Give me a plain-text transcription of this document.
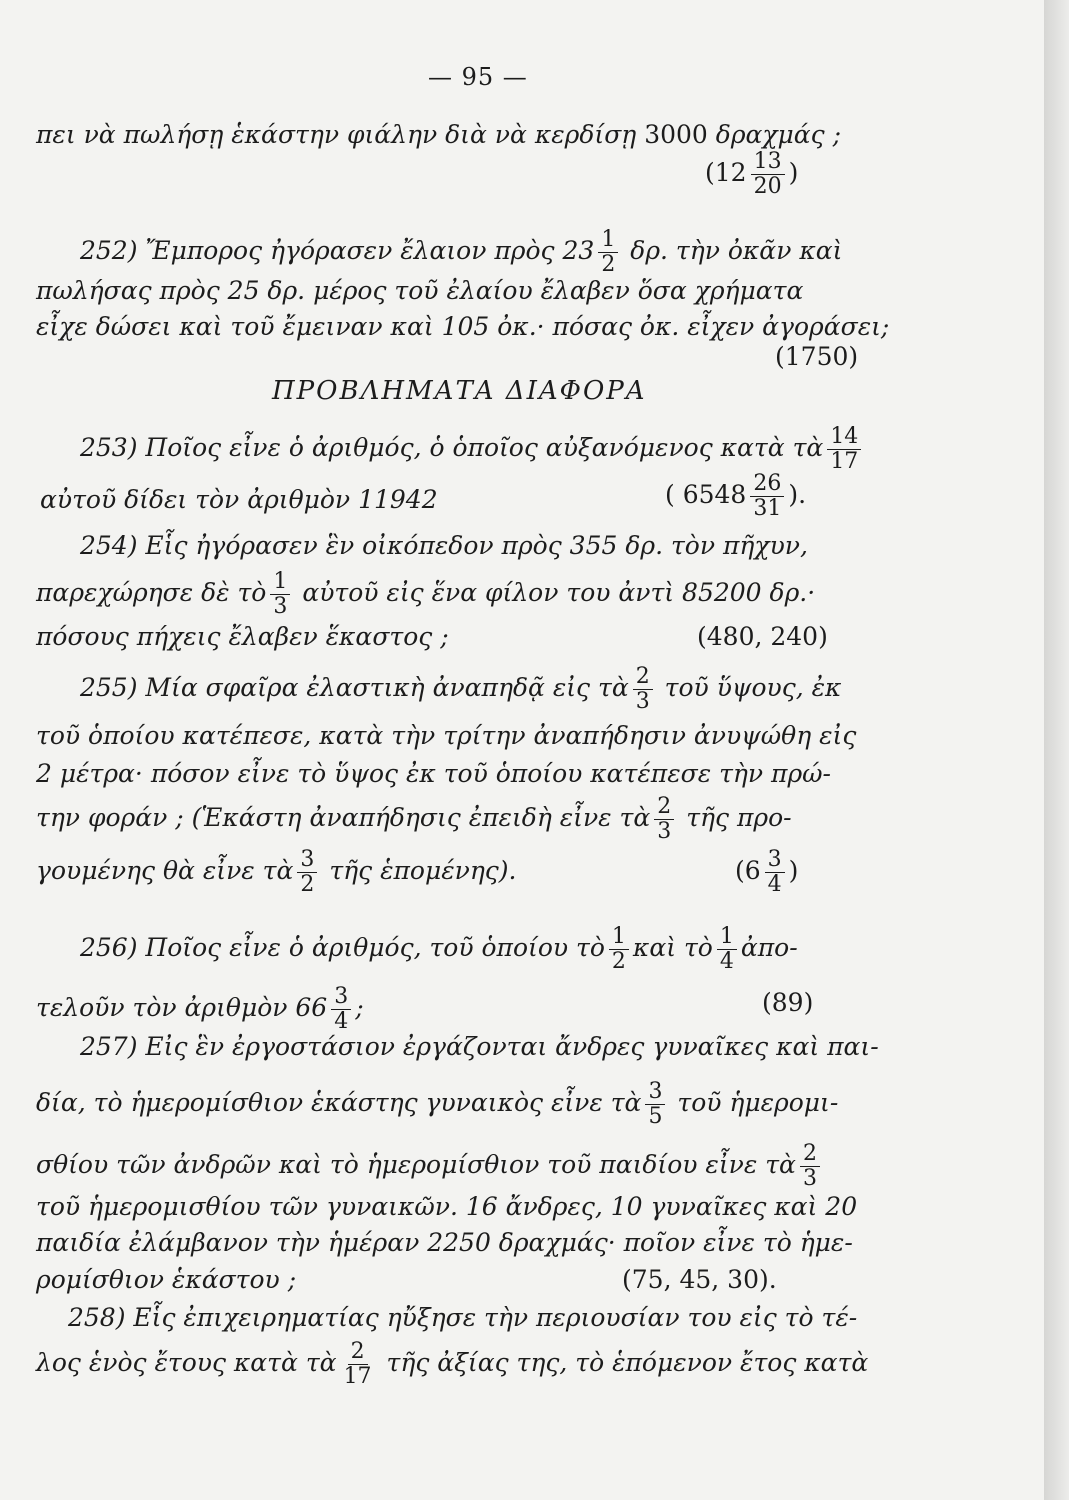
— 95 —
πει νὰ πωλήσῃ ἑκάστην φιάλην διὰ νὰ κερδίσῃ 3000 δραχμάς ;
($12 \frac{13}{20}$ )
252) Ἔμπορος ἠγόρασεν ἔλαιον πρὸς $23 \frac{1}{2} \delta\rho$. τὴν ὀκᾶν καὶ
πωλήσας πρὸς 25 δρ. μέρος τοῦ ἐλαίου ἔλαβεν ὅσα χρήματα
εἶχε δώσει καὶ τοῦ ἔμειναν καὶ 105 ὀκ.· πόσας ὀκ. εἶχεν ἀγοράσει;
(1750)
ΠΡΟΒΛΗΜΑΤΑ ΔΙΑΦΟΡΑ
253) Ποῖος εἶνε ὁ ἀριθμός, ὁ ὁποῖος αὐξανόμενος κατὰ τὰ $\frac{14}{17}$
αὐτοῦ δίδει τὸν ἀριθμὸν 11942	( $6548 \frac{26}{31}$ ).
254) Εἷς ἠγόρασεν ἓν οἰκόπεδον πρὸς 355 δρ. τὸν πῆχυν,
παρεχώρησε δὲ τὸ $\frac{1}{3}$ αὐτοῦ εἰς ἕνα φίλον του ἀντὶ 85200 δρ.·
πόσους πήχεις ἔλαβεν ἕκαστος ;	(480, 240)
255) Μία σφαῖρα ἐλαστικὴ ἀναπηδᾷ εἰς τὰ $\frac{2}{3}$ τοῦ ὕψους, ἐκ
τοῦ ὁποίου κατέπεσε, κατὰ τὴν τρίτην ἀναπήδησιν ἀνυψώθη εἰς
2 μέτρα· πόσον εἶνε τὸ ὕψος ἐκ τοῦ ὁποίου κατέπεσε τὴν πρώ-
την φοράν ; (Ἑκάστη ἀναπήδησις ἐπειδὴ εἶνε τὰ $\frac{2}{3}$ τῆς προ-
γουμένης θὰ εἶνε τὰ $\frac{3}{2}$ τῆς ἑπομένης).	($6 \frac{3}{4}$ )
256) Ποῖος εἶνε ὁ ἀριθμός, τοῦ ὁποίου τὸ $\frac{1}{2}$ καὶ τὸ $\frac{1}{4}$ ἀπο-
τελοῦν τὸν ἀριθμὸν $66 \frac{3}{4}$ ;	(89)
257) Εἰς ἓν ἐργοστάσιον ἐργάζονται ἄνδρες γυναῖκες καὶ παι-
δία, τὸ ἡμερομίσθιον ἑκάστης γυναικὸς εἶνε τὰ $\frac{3}{5}$ τοῦ ἡμερομι-
σθίου τῶν ἀνδρῶν καὶ τὸ ἡμερομίσθιον τοῦ παιδίου εἶνε τὰ $\frac{2}{3}$
τοῦ ἡμερομισθίου τῶν γυναικῶν. 16 ἄνδρες, 10 γυναῖκες καὶ 20
παιδία ἐλάμβανον τὴν ἡμέραν 2250 δραχμάς· ποῖον εἶνε τὸ ἡμε-
ρομίσθιον ἑκάστου ;	(75, 45, 30).
258) Εἷς ἐπιχειρηματίας ηὔξησε τὴν περιουσίαν του εἰς τὸ τέ-
λος ἑνὸς ἔτους κατὰ τὰ $\frac{2}{17}$ τῆς ἀξίας της, τὸ ἑπόμενον ἔτος κατὰ
